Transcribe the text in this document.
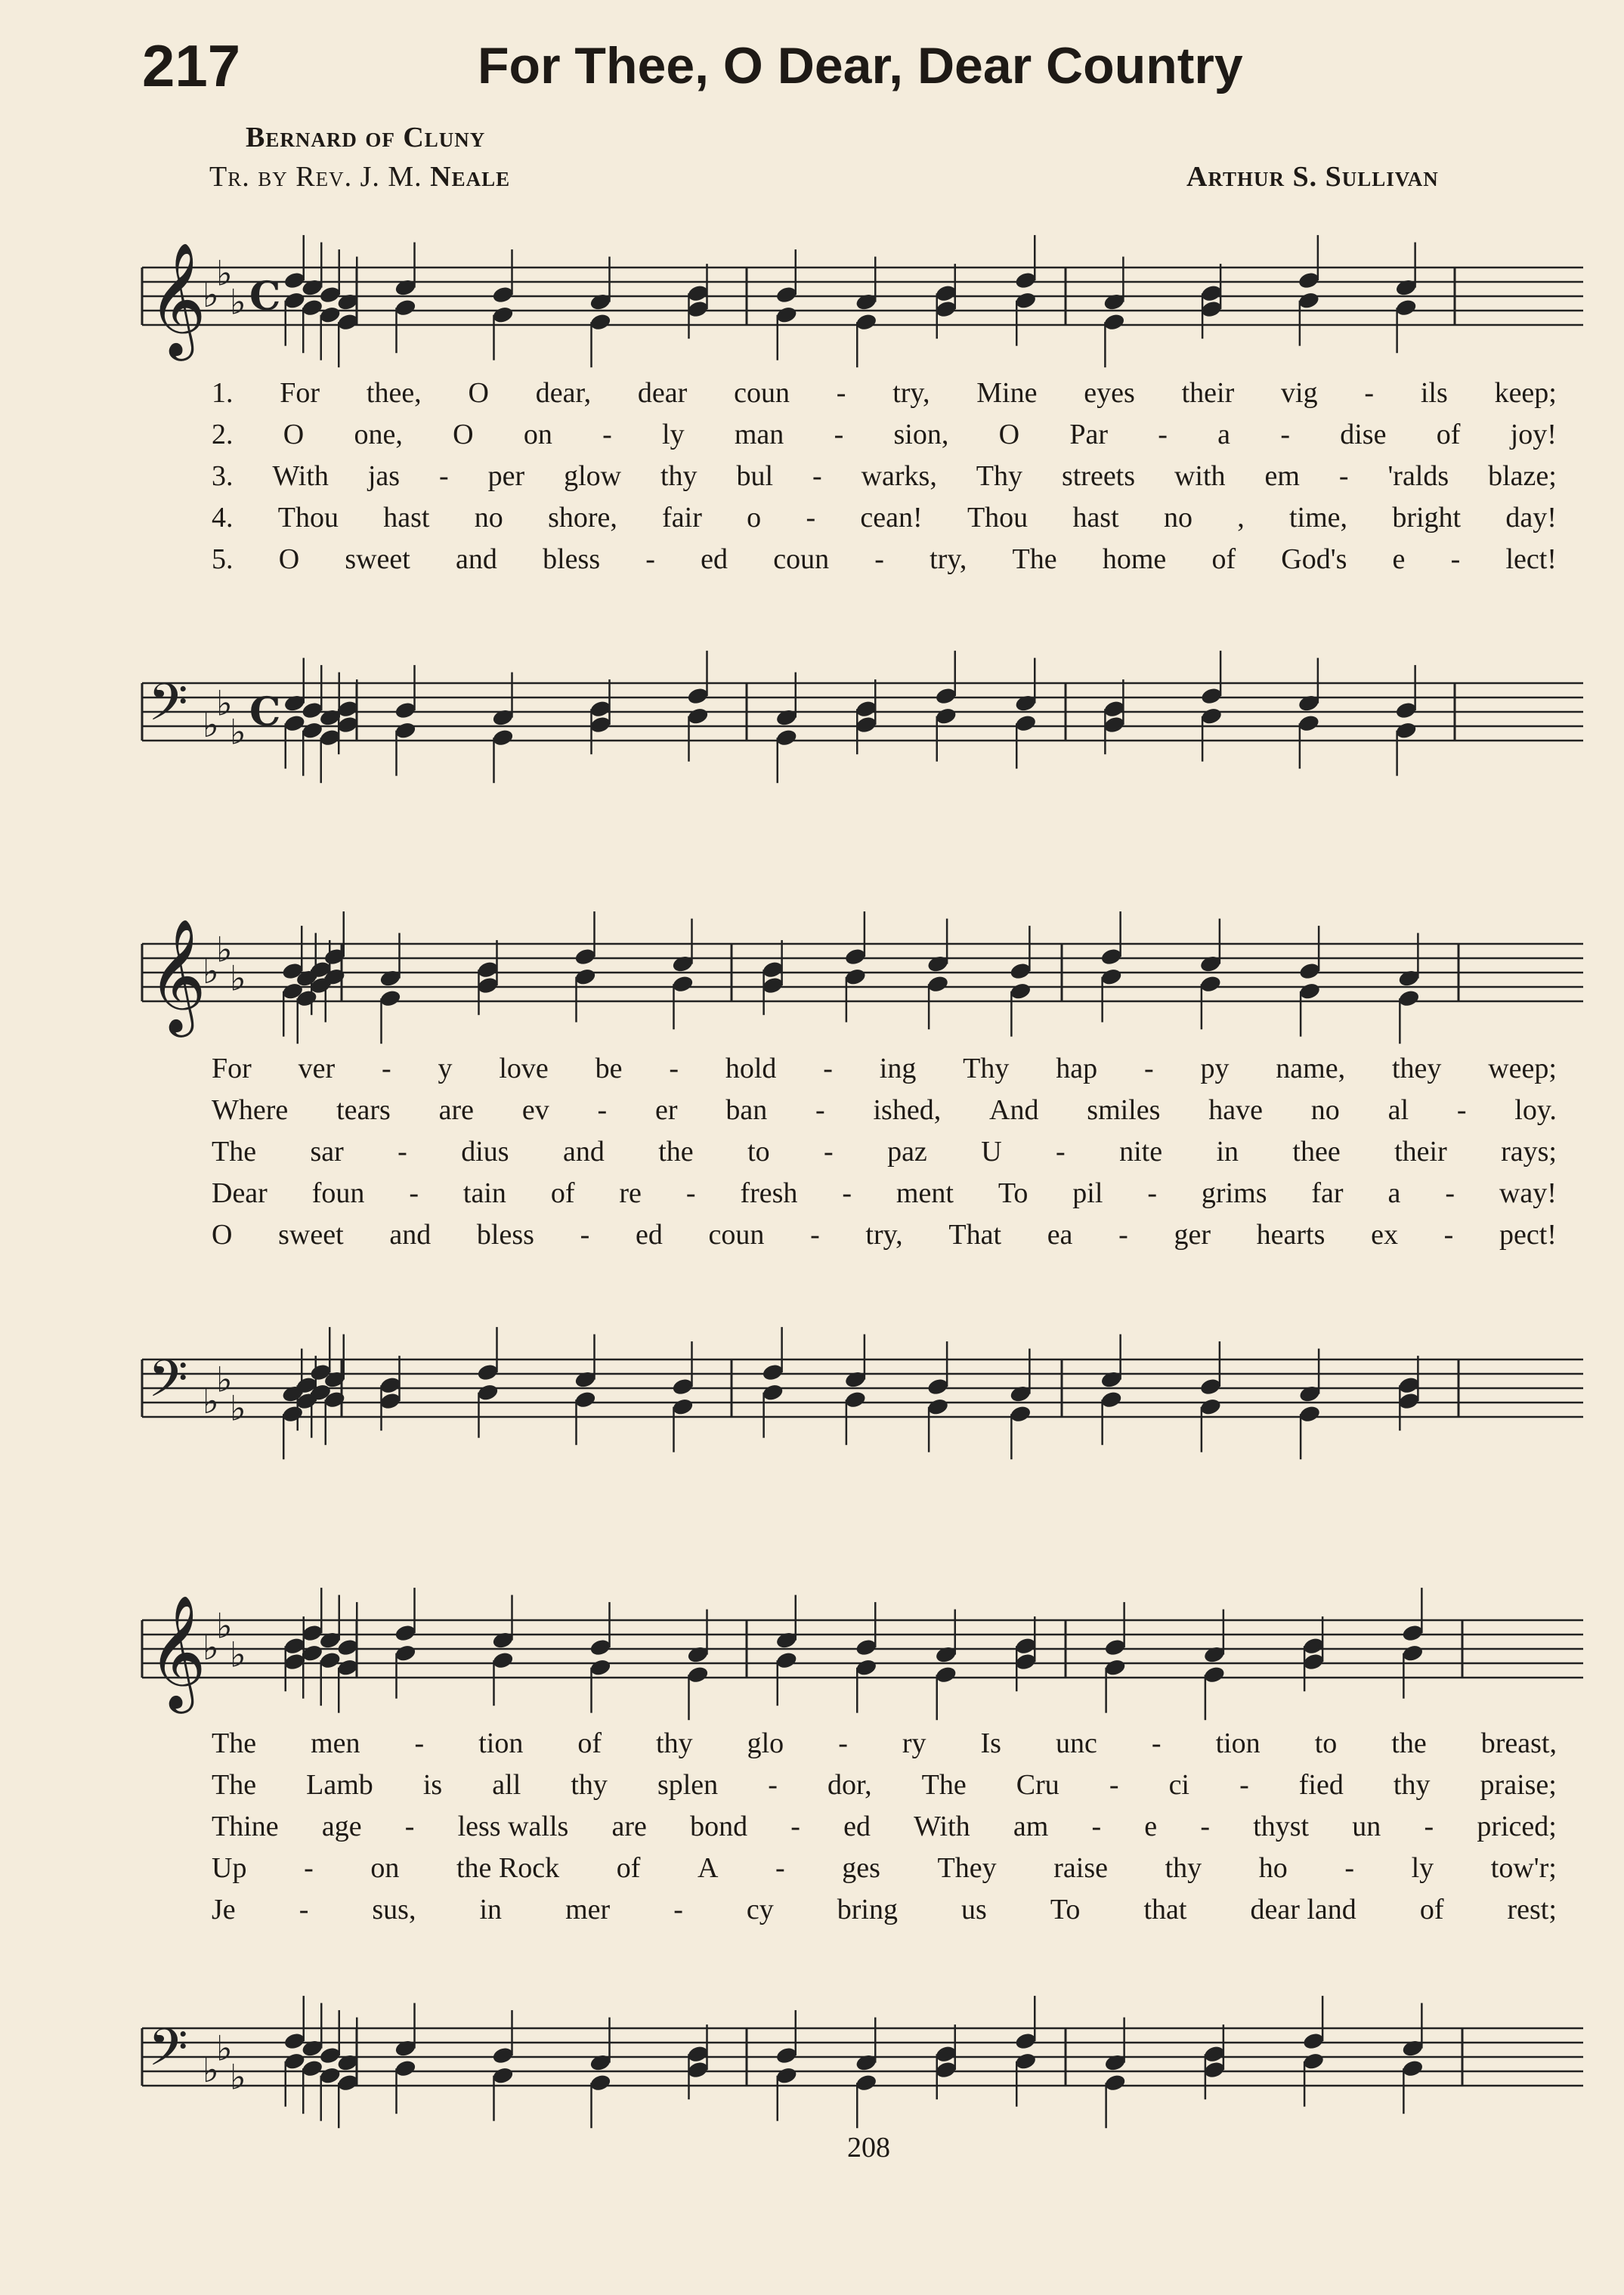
217	For Thee, O Dear, Dear Country
Bernard of Cluny
Tr. by Rev. J. M. Neale	Arthur S. Sullivan
𝄞
♭
♭
♭ C
𝄢 ♭
♭
♭ C
𝄞
♭
♭
♭
𝄢 ♭
♭
♭
𝄞
♭
♭
♭
𝄢 ♭
♭
♭
208
1. For thee, O dear, dear coun - try, Mine eyes their vig - ils keep;
2. O one, O on - ly man - sion, O Par - a - dise of joy!
3. With jas - per glow thy bul - warks, Thy streets with em - 'ralds blaze;
4. Thou hast no shore, fair o - cean! Thou hast no , time, bright day!
5. O sweet and bless - ed coun - try, The home of God's e - lect!
For ver - y love be - hold - ing Thy hap - py name, they weep;
Where tears are ev - er ban - ished, And smiles have no al - loy.
The sar - dius and the to - paz U - nite in thee their rays;
Dear foun - tain of re - fresh - ment To pil - grims far a - way!
O sweet and bless - ed coun - try, That ea - ger hearts ex - pect!
The men - tion of thy glo - ry Is unc - tion to the breast,
The Lamb is all thy splen - dor, The Cru - ci - fied thy praise;
Thine age - less walls are bond - ed With am - e - thyst un - priced;
Up - on the Rock of A - ges They raise thy ho - ly tow'r;
Je - sus, in mer - cy bring us To that dear land of rest;
